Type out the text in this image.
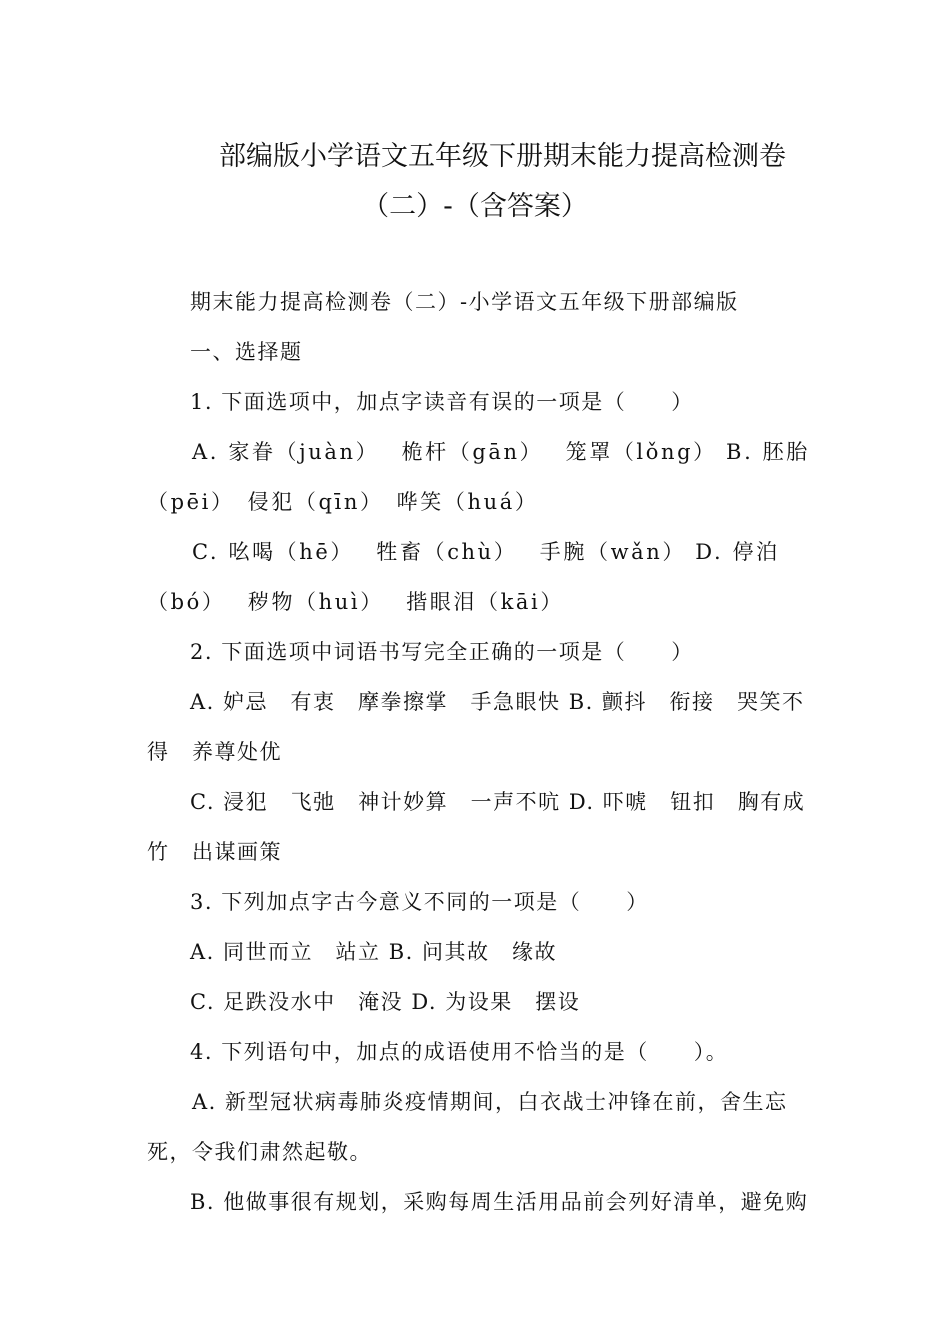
部编版小学语文五年级下册期末能力提高检测卷
（二）-（含答案）
期末能力提高检测卷（二）-小学语文五年级下册部编版
一、选择题
1. 下面选项中，加点字读音有误的一项是（　　）
A. 家眷（juàn）　 桅杆（gān）　 笼罩（lǒng） B. 胚胎
（pēi）　侵犯（qīn）　哗笑（huá）
C. 吆喝（hē）　 牲畜（chù）　 手腕（wǎn） D. 停泊
（bó）　 秽物（huì）　 揩眼泪（kāi）
2. 下面选项中词语书写完全正确的一项是（　　）
A. 妒忌　有衷　摩拳擦掌　手急眼快 B. 颤抖　衔接　哭笑不
得　养尊处优
C. 浸犯　飞弛　神计妙算　一声不吭 D. 吓唬　钮扣　胸有成
竹　出谋画策
3. 下列加点字古今意义不同的一项是（　　）
A. 同世而立　站立 B. 问其故　缘故
C. 足跌没水中　淹没 D. 为设果　摆设
4. 下列语句中，加点的成语使用不恰当的是（　　）。
A. 新型冠状病毒肺炎疫情期间，白衣战士冲锋在前，舍生忘
死，令我们肃然起敬。
B. 他做事很有规划，采购每周生活用品前会列好清单，避免购
